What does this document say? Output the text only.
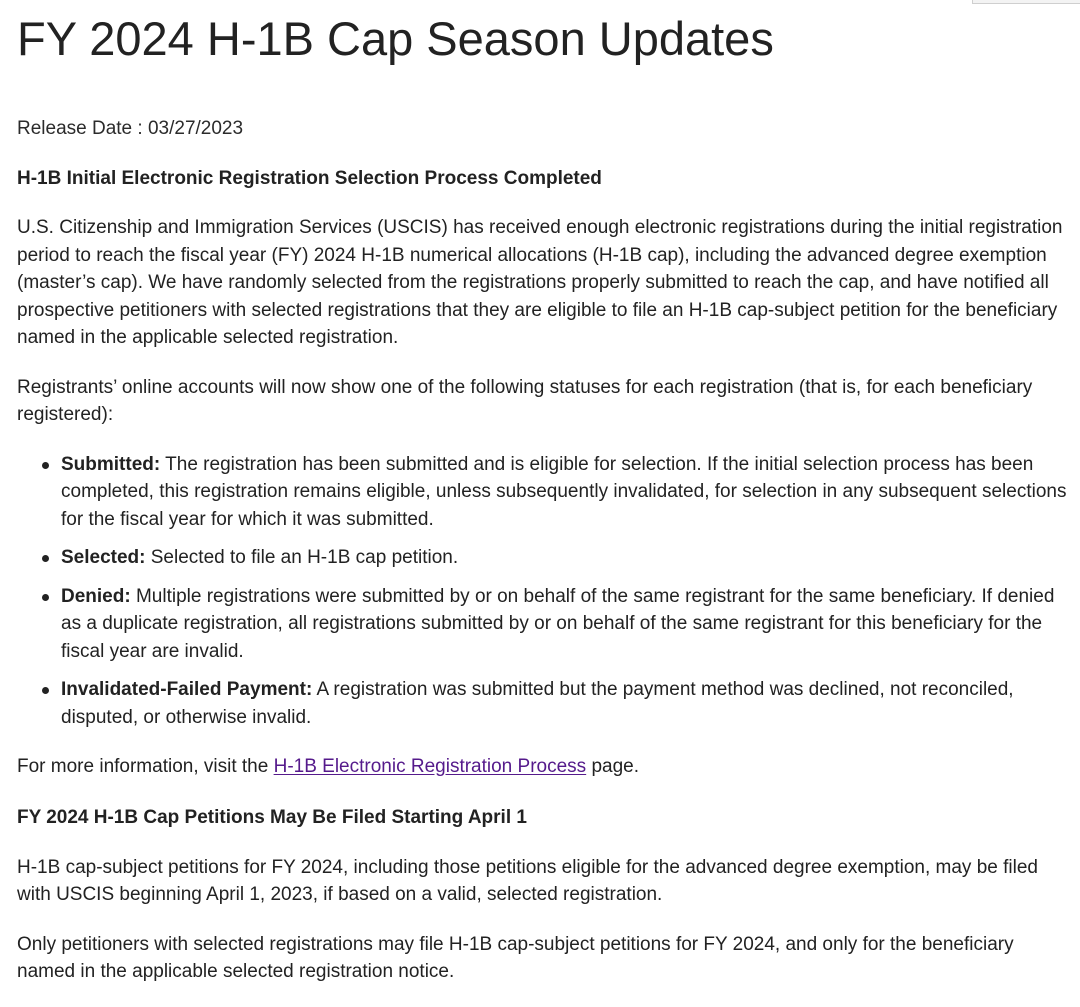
FY 2024 H-1B Cap Season Updates
Release Date : 03/27/2023
H-1B Initial Electronic Registration Selection Process Completed

U.S. Citizenship and Immigration Services (USCIS) has received enough electronic registrations during the initial registration period to reach the fiscal year (FY) 2024 H-1B numerical allocations (H-1B cap), including the advanced degree exemption (master’s cap). We have randomly selected from the registrations properly submitted to reach the cap, and have notified all prospective petitioners with selected registrations that they are eligible to file an H-1B cap-subject petition for the beneficiary named in the applicable selected registration.

Registrants’ online accounts will now show one of the following statuses for each registration (that is, for each beneficiary registered):

Submitted: The registration has been submitted and is eligible for selection. If the initial selection process has been completed, this registration remains eligible, unless subsequently invalidated, for selection in any subsequent selections for the fiscal year for which it was submitted.
Selected: Selected to file an H-1B cap petition.
Denied: Multiple registrations were submitted by or on behalf of the same registrant for the same beneficiary. If denied as a duplicate registration, all registrations submitted by or on behalf of the same registrant for this beneficiary for the fiscal year are invalid.
Invalidated-Failed Payment: A registration was submitted but the payment method was declined, not reconciled, disputed, or otherwise invalid.

For more information, visit the H-1B Electronic Registration Process page.

FY 2024 H-1B Cap Petitions May Be Filed Starting April 1

H-1B cap-subject petitions for FY 2024, including those petitions eligible for the advanced degree exemption, may be filed with USCIS beginning April 1, 2023, if based on a valid, selected registration.

Only petitioners with selected registrations may file H-1B cap-subject petitions for FY 2024, and only for the beneficiary named in the applicable selected registration notice.
